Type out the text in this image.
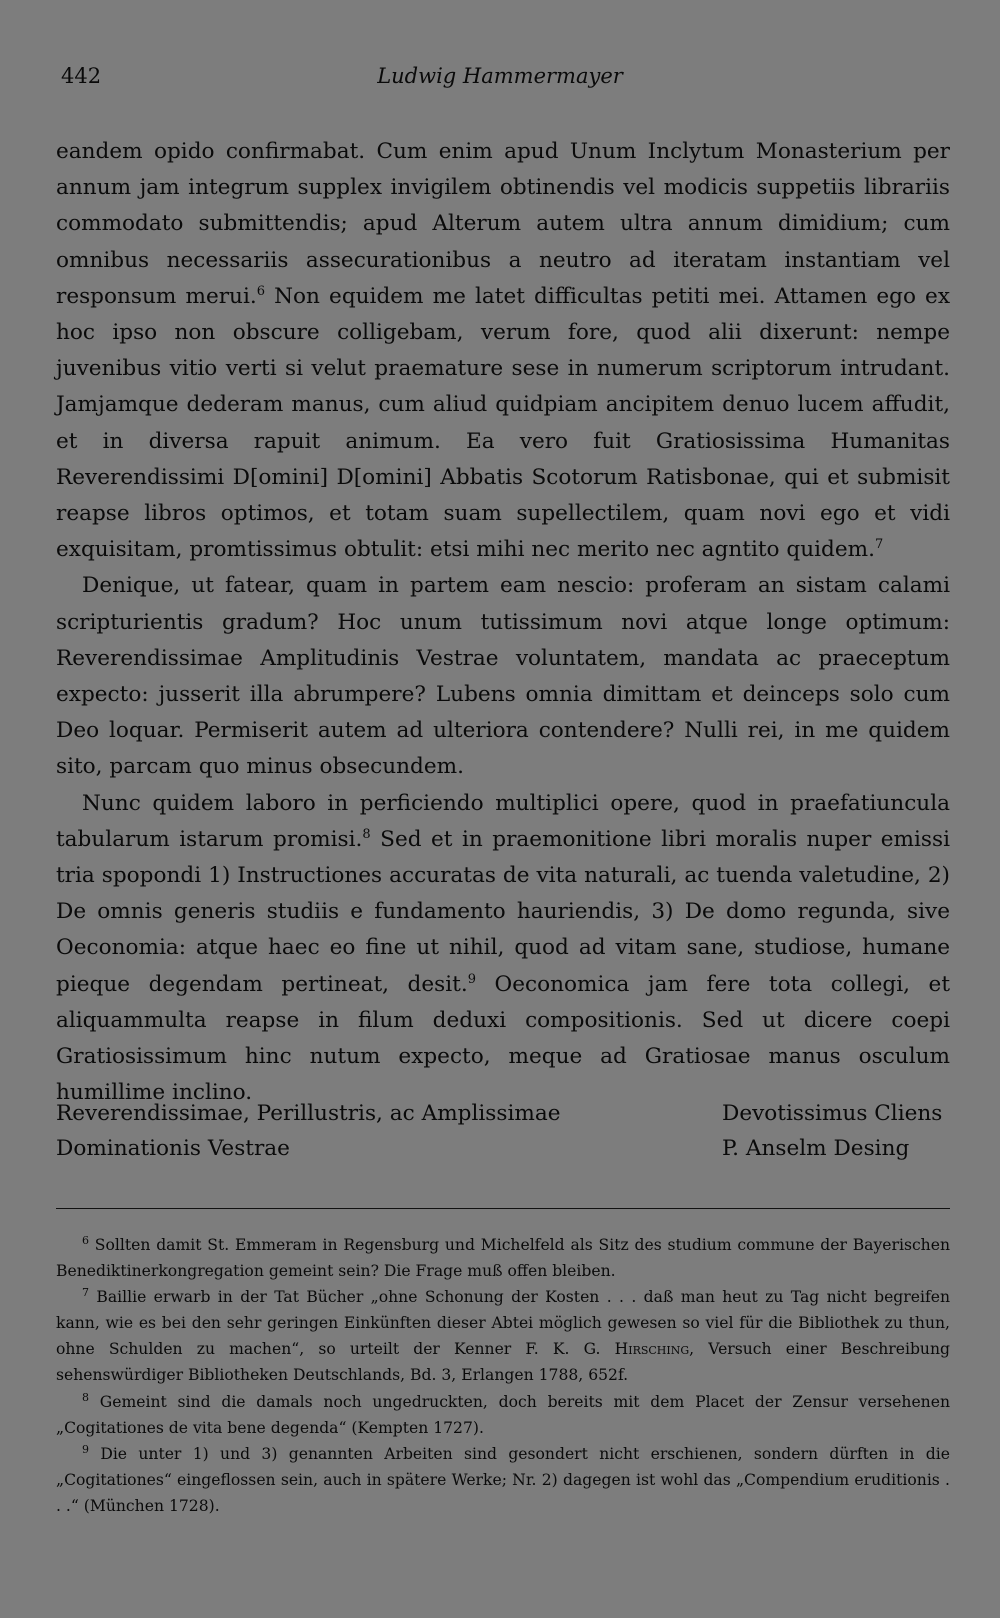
442	Ludwig Hammermayer

eandem opido confirmabat. Cum enim apud Unum Inclytum Monasterium per annum jam integrum supplex invigilem obtinendis vel modicis suppetiis librariis commodato submittendis; apud Alterum autem ultra annum dimidium; cum omnibus necessariis assecurationibus a neutro ad iteratam instantiam vel responsum merui.$^6$ Non equidem me latet difficultas petiti mei. Attamen ego ex hoc ipso non obscure colligebam, verum fore, quod alii dixerunt: nempe juvenibus vitio verti si velut praemature sese in numerum scriptorum intrudant. Jamjamque dederam manus, cum aliud quidpiam ancipitem denuo lucem affudit, et in diversa rapuit animum. Ea vero fuit Gratiosissima Humanitas Reverendissimi D[omini] D[omini] Abbatis Scotorum Ratisbonae, qui et submisit reapse libros optimos, et totam suam supellectilem, quam novi ego et vidi exquisitam, promtissimus obtulit: etsi mihi nec merito nec agntito quidem.$^7$

Denique, ut fatear, quam in partem eam nescio: proferam an sistam calami scripturientis gradum? Hoc unum tutissimum novi atque longe optimum: Reverendissimae Amplitudinis Vestrae voluntatem, mandata ac praeceptum expecto: jusserit illa abrumpere? Lubens omnia dimittam et deinceps solo cum Deo loquar. Permiserit autem ad ulteriora contendere? Nulli rei, in me quidem sito, parcam quo minus obsecundem.

Nunc quidem laboro in perficiendo multiplici opere, quod in praefatiuncula tabularum istarum promisi.$^8$ Sed et in praemonitione libri moralis nuper emissi tria spopondi 1) Instructiones accuratas de vita naturali, ac tuenda valetudine, 2) De omnis generis studiis e fundamento hauriendis, 3) De domo regunda, sive Oeconomia: atque haec eo fine ut nihil, quod ad vitam sane, studiose, humane pieque degendam pertineat, desit.$^9$ Oeconomica jam fere tota collegi, et aliquammulta reapse in filum deduxi compositionis. Sed ut dicere coepi Gratiosissimum hinc nutum expecto, meque ad Gratiosae manus osculum humillime inclino.

Reverendissimae, Perillustris, ac Amplissimae
Dominationis Vestrae
Devotissimus Cliens
P. Anselm Desing

$^6$ Sollten damit St. Emmeram in Regensburg und Michelfeld als Sitz des studium commune der Bayerischen Benediktinerkongregation gemeint sein? Die Frage muß offen bleiben.

$^7$ Baillie erwarb in der Tat Bücher „ohne Schonung der Kosten . . . daß man heut zu Tag nicht begreifen kann, wie es bei den sehr geringen Einkünften dieser Abtei möglich gewesen so viel für die Bibliothek zu thun, ohne Schulden zu machen“, so urteilt der Kenner F. K. G. Hirsching, Versuch einer Beschreibung sehenswürdiger Bibliotheken Deutschlands, Bd. 3, Erlangen 1788, 652f.

$^8$ Gemeint sind die damals noch ungedruckten, doch bereits mit dem Placet der Zensur versehenen „Cogitationes de vita bene degenda“ (Kempten 1727).

$^9$ Die unter 1) und 3) genannten Arbeiten sind gesondert nicht erschienen, sondern dürften in die „Cogitationes“ eingeflossen sein, auch in spätere Werke; Nr. 2) dagegen ist wohl das „Compendium eruditionis . . .“ (München 1728).
